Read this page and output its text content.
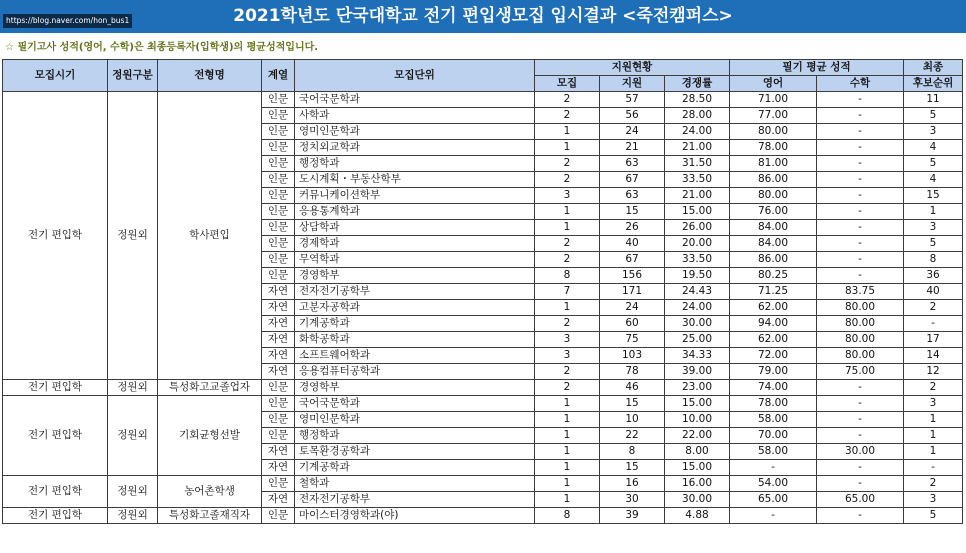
2021학년도 단국대학교 전기 편입생모집 입시결과 <죽전캠퍼스>
https://blog.naver.com/hon_bus1
☆ 필기고사 성적(영어, 수학)은 최종등록자(입학생)의 평균성적입니다.
모집시기	정원구분	전형명	계열	모집단위	지원현황			필기 평균 성적		최종
					모집	지원	경쟁률	영어	수학	후보순위
전기 편입학	정원외	학사편입	인문	국어국문학과	2	57	28.50	71.00	-	11
			인문	사학과	2	56	28.00	77.00	-	5
			인문	영미인문학과	1	24	24.00	80.00	-	3
			인문	정치외교학과	1	21	21.00	78.00	-	4
			인문	행정학과	2	63	31.50	81.00	-	5
			인문	도시계획・부동산학부	2	67	33.50	86.00	-	4
			인문	커뮤니케이션학부	3	63	21.00	80.00	-	15
			인문	응용통계학과	1	15	15.00	76.00	-	1
			인문	상담학과	1	26	26.00	84.00	-	3
			인문	경제학과	2	40	20.00	84.00	-	5
			인문	무역학과	2	67	33.50	86.00	-	8
			인문	경영학부	8	156	19.50	80.25	-	36
			자연	전자전기공학부	7	171	24.43	71.25	83.75	40
			자연	고분자공학과	1	24	24.00	62.00	80.00	2
			자연	기계공학과	2	60	30.00	94.00	80.00	-
			자연	화학공학과	3	75	25.00	62.00	80.00	17
			자연	소프트웨어학과	3	103	34.33	72.00	80.00	14
			자연	응용컴퓨터공학과	2	78	39.00	79.00	75.00	12
전기 편입학	정원외	특성화고교졸업자	인문	경영학부	2	46	23.00	74.00	-	2
전기 편입학	정원외	기회균형선발	인문	국어국문학과	1	15	15.00	78.00	-	3
			인문	영미인문학과	1	10	10.00	58.00	-	1
			인문	행정학과	1	22	22.00	70.00	-	1
			자연	토목환경공학과	1	8	8.00	58.00	30.00	1
			자연	기계공학과	1	15	15.00	-	-	-
전기 편입학	정원외	농어촌학생	인문	철학과	1	16	16.00	54.00	-	2
			자연	전자전기공학부	1	30	30.00	65.00	65.00	3
전기 편입학	정원외	특성화고졸재직자	인문	마이스터경영학과(야)	8	39	4.88	-	-	5
